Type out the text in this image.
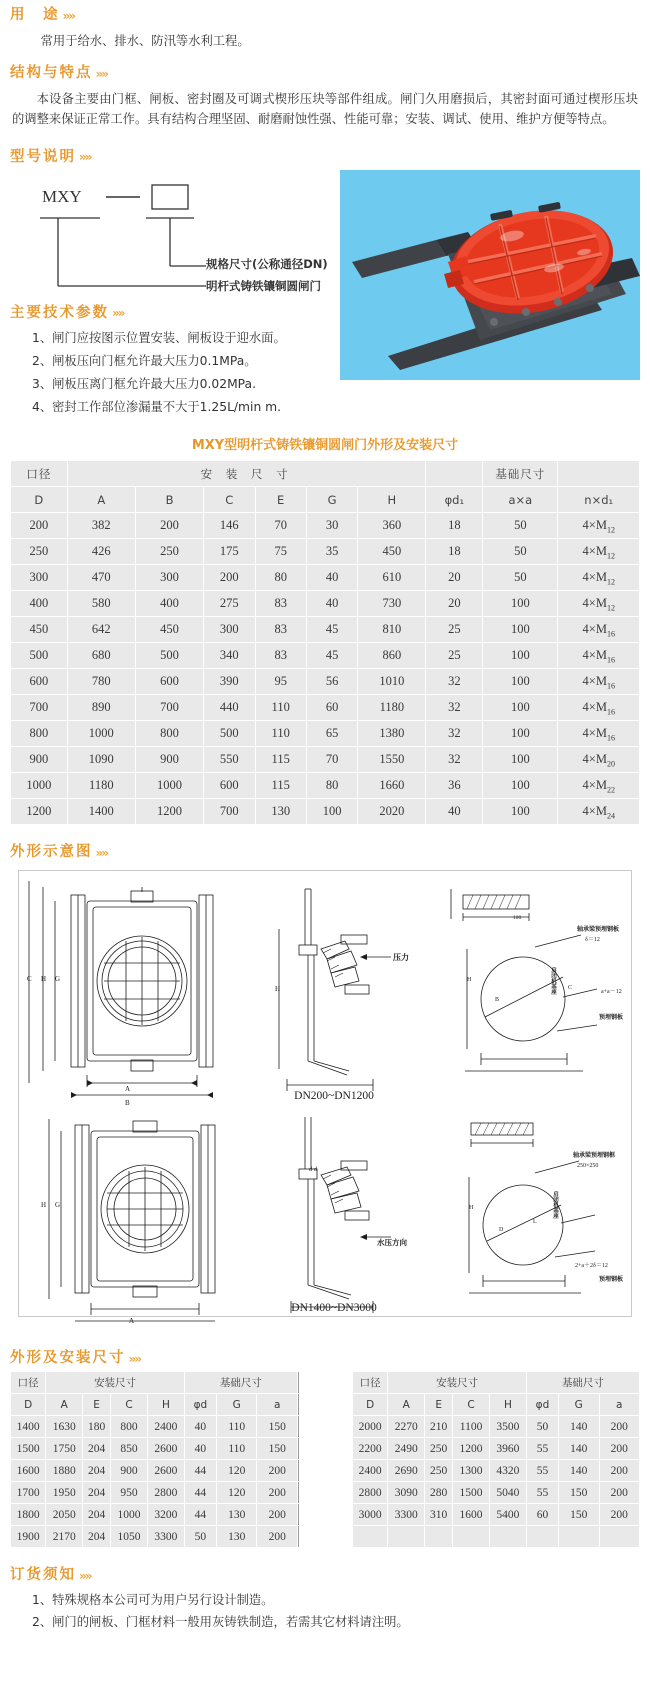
用　途 »»

常用于给水、排水、防汛等水利工程。

结构与特点 »»

本设备主要由门框、闸板、密封圈及可调式楔形压块等部件组成。闸门久用磨损后，其密封面可通过楔形压块的调整来保证正常工作。具有结构合理坚固、耐磨耐蚀性强、性能可靠；安装、调试、使用、维护方便等特点。

型号说明 »»
MXY
规格尺寸(公称通径DN)
明杆式铸铁镶铜圆闸门
主要技术参数 »»
1、闸门应按图示位置安装、闸板设于迎水面。
2、闸板压向门框允许最大压力0.1MPa。
3、闸板压离门框允许最大压力0.02MPa.
4、密封工作部位渗漏量不大于1.25L/min m.
MXY型明杆式铸铁镶铜圆闸门外形及安装尺寸
口径	安 装 尺 寸							基础尺寸	
D	A	B	C	E	G	H	φd₁	a×a	n×d₁
200	382	200	146	70	30	360	18	50	$4\times M_{12}$
250	426	250	175	75	35	450	18	50	$4\times M_{12}$
300	470	300	200	80	40	610	20	50	$4\times M_{12}$
400	580	400	275	83	40	730	20	100	$4\times M_{12}$
450	642	450	300	83	45	810	25	100	$4\times M_{16}$
500	680	500	340	83	45	860	25	100	$4\times M_{16}$
600	780	600	390	95	56	1010	32	100	$4\times M_{16}$
700	890	700	440	110	60	1180	32	100	$4\times M_{16}$
800	1000	800	500	110	65	1380	32	100	$4\times M_{16}$
900	1090	900	550	115	70	1550	32	100	$4\times M_{20}$
1000	1180	1000	600	115	80	1660	36	100	$4\times M_{22}$
1200	1400	1200	700	130	100	2020	40	100	$4\times M_{24}$
外形示意图 »»
A
B
H
C	G
压力
H
轴承梁预埋钢板
δ＝12
a+a－12
预埋钢板
C
B
H	启闭机基座
100
DN200~DN1200
A
G
H
水压方向
d d
轴承梁预埋钢框
250×250
2+a＋2δ＝12
预埋钢板
L
D
H	启闭机基座
DN1400~DN3000
外形及安装尺寸 »»
口径	安装尺寸				基础尺寸				口径	安装尺寸				基础尺寸		
D	A	E	C	H	φd	G	a		D	A	E	C	H	φd	G	a
1400	1630	180	800	2400	40	110	150		2000	2270	210	1100	3500	50	140	200
1500	1750	204	850	2600	40	110	150		2200	2490	250	1200	3960	55	140	200
1600	1880	204	900	2600	44	120	200		2400	2690	250	1300	4320	55	140	200
1700	1950	204	950	2800	44	120	200		2800	3090	280	1500	5040	55	150	200
1800	2050	204	1000	3200	44	130	200		3000	3300	310	1600	5400	60	150	200
1900	2170	204	1050	3300	50	130	200									
订货须知 »»
1、特殊规格本公司可为用户另行设计制造。
2、闸门的闸板、门框材料一般用灰铸铁制造，若需其它材料请注明。
